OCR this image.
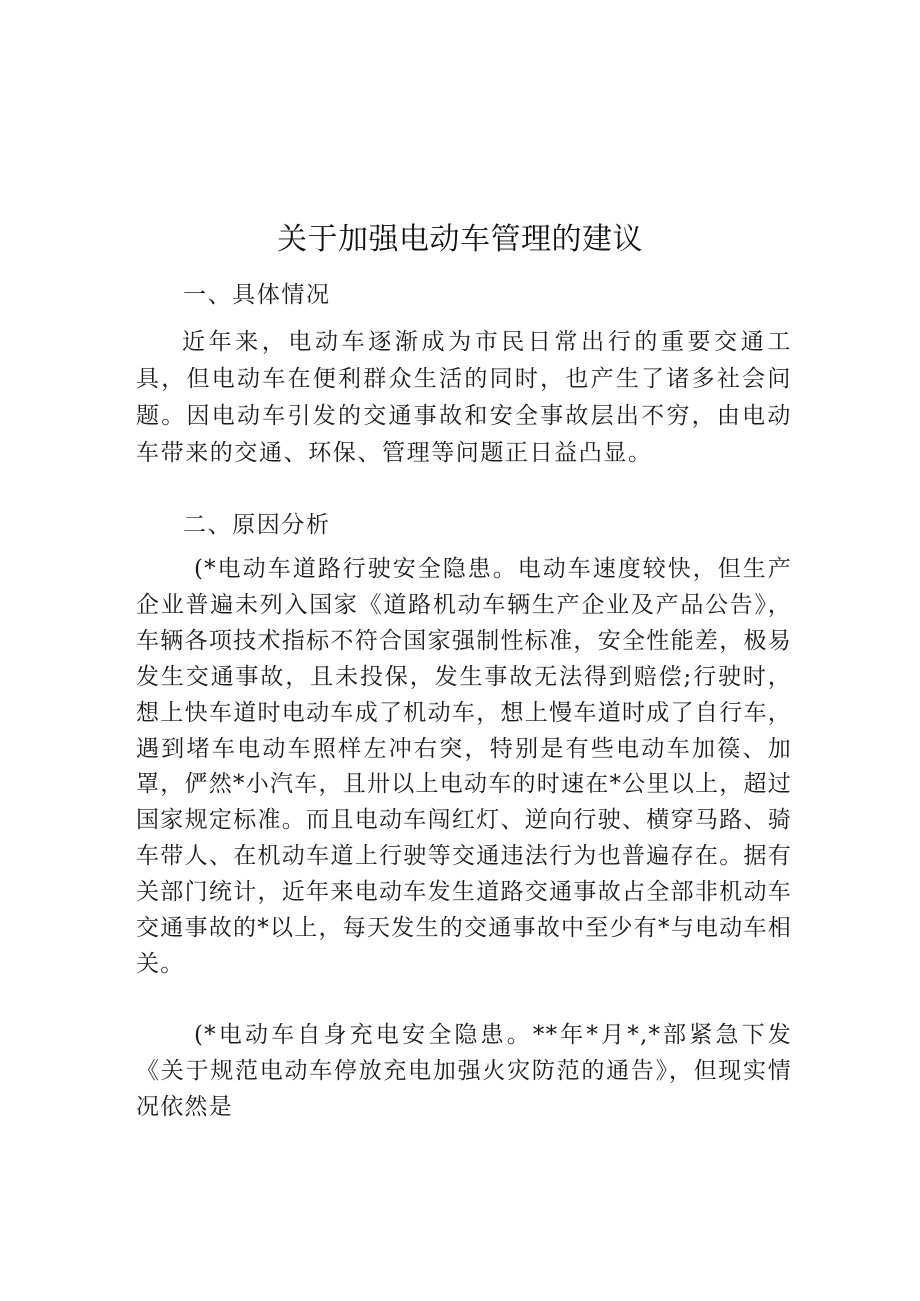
关于加强电动车管理的建议

一、具体情况

近年来，电动车逐渐成为市民日常出行的重要交通工具，但电动车在便利群众生活的同时，也产生了诸多社会问题。因电动车引发的交通事故和安全事故层出不穷，由电动车带来的交通、环保、管理等问题正日益凸显。

二、原因分析

(*电动车道路行驶安全隐患。电动车速度较快，但生产企业普遍未列入国家《道路机动车辆生产企业及产品公告》，车辆各项技术指标不符合国家强制性标准，安全性能差，极易发生交通事故，且未投保，发生事故无法得到赔偿;行驶时，想上快车道时电动车成了机动车，想上慢车道时成了自行车，遇到堵车电动车照样左冲右突，特别是有些电动车加篌、加罩，俨然*小汽车，且卅以上电动车的时速在*公里以上，超过国家规定标准。而且电动车闯红灯、逆向行驶、横穿马路、骑车带人、在机动车道上行驶等交通违法行为也普遍存在。据有关部门统计，近年来电动车发生道路交通事故占全部非机动车交通事故的*以上，每天发生的交通事故中至少有*与电动车相关。

(*电动车自身充电安全隐患。**年*月*,*部紧急下发《关于规范电动车停放充电加强火灾防范的通告》，但现实情况依然是
